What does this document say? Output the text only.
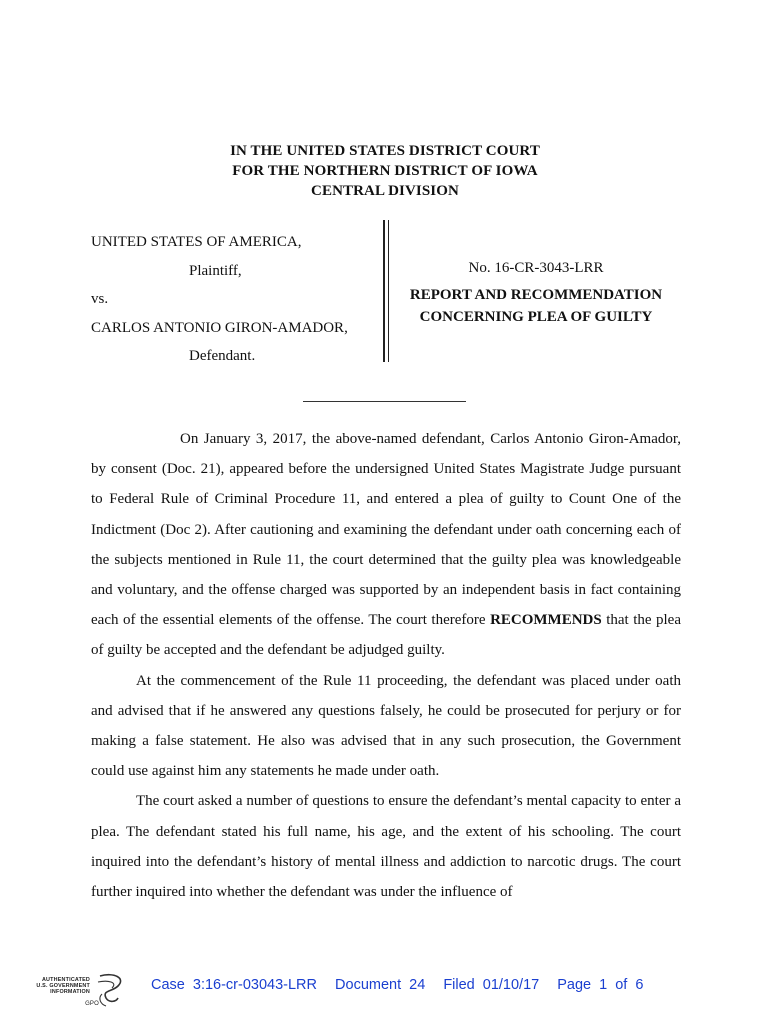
IN THE UNITED STATES DISTRICT COURT
FOR THE NORTHERN DISTRICT OF IOWA
CENTRAL DIVISION
UNITED STATES OF AMERICA,
Plaintiff,
vs.
CARLOS ANTONIO GIRON-AMADOR,
Defendant.
No. 16-CR-3043-LRR
REPORT AND RECOMMENDATION
CONCERNING PLEA OF GUILTY

On January 3, 2017, the above-named defendant, Carlos Antonio Giron-Amador, by consent (Doc. 21), appeared before the undersigned United States Magistrate Judge pursuant to Federal Rule of Criminal Procedure 11, and entered a plea of guilty to Count One of the Indictment (Doc 2). After cautioning and examining the defendant under oath concerning each of the subjects mentioned in Rule 11, the court determined that the guilty plea was knowledgeable and voluntary, and the offense charged was supported by an independent basis in fact containing each of the essential elements of the offense. The court therefore RECOMMENDS that the plea of guilty be accepted and the defendant be adjudged guilty.

At the commencement of the Rule 11 proceeding, the defendant was placed under oath and advised that if he answered any questions falsely, he could be prosecuted for perjury or for making a false statement. He also was advised that in any such prosecution, the Government could use against him any statements he made under oath.

The court asked a number of questions to ensure the defendant’s mental capacity to enter a plea. The defendant stated his full name, his age, and the extent of his schooling. The court inquired into the defendant’s history of mental illness and addiction to narcotic drugs. The court further inquired into whether the defendant was under the influence of

AUTHENTICATED
U.S. GOVERNMENT
INFORMATION
GPO
Case 3:16-cr-03043-LRR Document 24 Filed 01/10/17 Page 1 of 6
